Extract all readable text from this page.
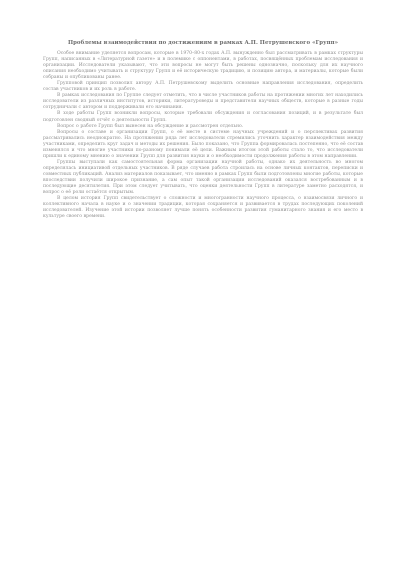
Проблемы взаимодействия по достижениям в рамках А.П. Петрушевского «Групп»

Особое внимание уделяется вопросам, которые в 1970–80-х годах А.П. вынужденно был рассматривать в рамках структуры Групп, написанных в «Литературной газете» и в полемике с оппонентами, в работах, посвящённых проблемам исследования и организации. Исследователи указывают, что эти вопросы не могут быть решены однозначно, поскольку для их научного описания необходимо учитывать и структуру Групп и её историческую традицию, и позицию автора, и материалы, которые были собраны и опубликованы ранее.

Групповой принцип позволил автору А.П. Петрушевскому выделить основные направления исследования, определить состав участников и их роль в работе.

В рамках исследования по Группе следует отметить, что в числе участников работы на протяжении многих лет находились исследователи из различных институтов, историки, литературоведы и представители научных обществ, которые в разные годы сотрудничали с автором и поддерживали его начинания.

В ходе работы Групп возникли вопросы, которые требовали обсуждения и согласования позиций, и в результате был подготовлен сводный отчёт о деятельности Групп.

Вопрос о работе Групп был вынесен на обсуждение и рассмотрен отдельно.

Вопросы о составе и организации Групп, о её месте в системе научных учреждений и о перспективах развития рассматривались неоднократно. На протяжении ряда лет исследователи стремились уточнить характер взаимодействия между участниками, определить круг задач и методы их решения. Было показано, что Группа формировалась постепенно, что её состав изменялся и что многие участники по-разному понимали её цели. Важным итогом этой работы стало то, что исследователи пришли к единому мнению о значении Групп для развития науки и о необходимости продолжения работы в этом направлении.

Группы выступали как самостоятельная форма организации научной работы, однако их деятельность во многом определялась инициативой отдельных участников. В ряде случаев работа строилась на основе личных контактов, переписки и совместных публикаций. Анализ материалов показывает, что именно в рамках Групп были подготовлены многие работы, которые впоследствии получили широкое признание, а сам опыт такой организации исследований оказался востребованным и в последующие десятилетия. При этом следует учитывать, что оценки деятельности Групп в литературе заметно расходятся, и вопрос о её роли остаётся открытым.

В целом история Групп свидетельствует о сложности и многогранности научного процесса, о взаимосвязи личного и коллективного начала в науке и о значении традиции, которая сохраняется и развивается в трудах последующих поколений исследователей. Изучение этой истории позволяет лучше понять особенности развития гуманитарного знания и его место в культуре своего времени.
